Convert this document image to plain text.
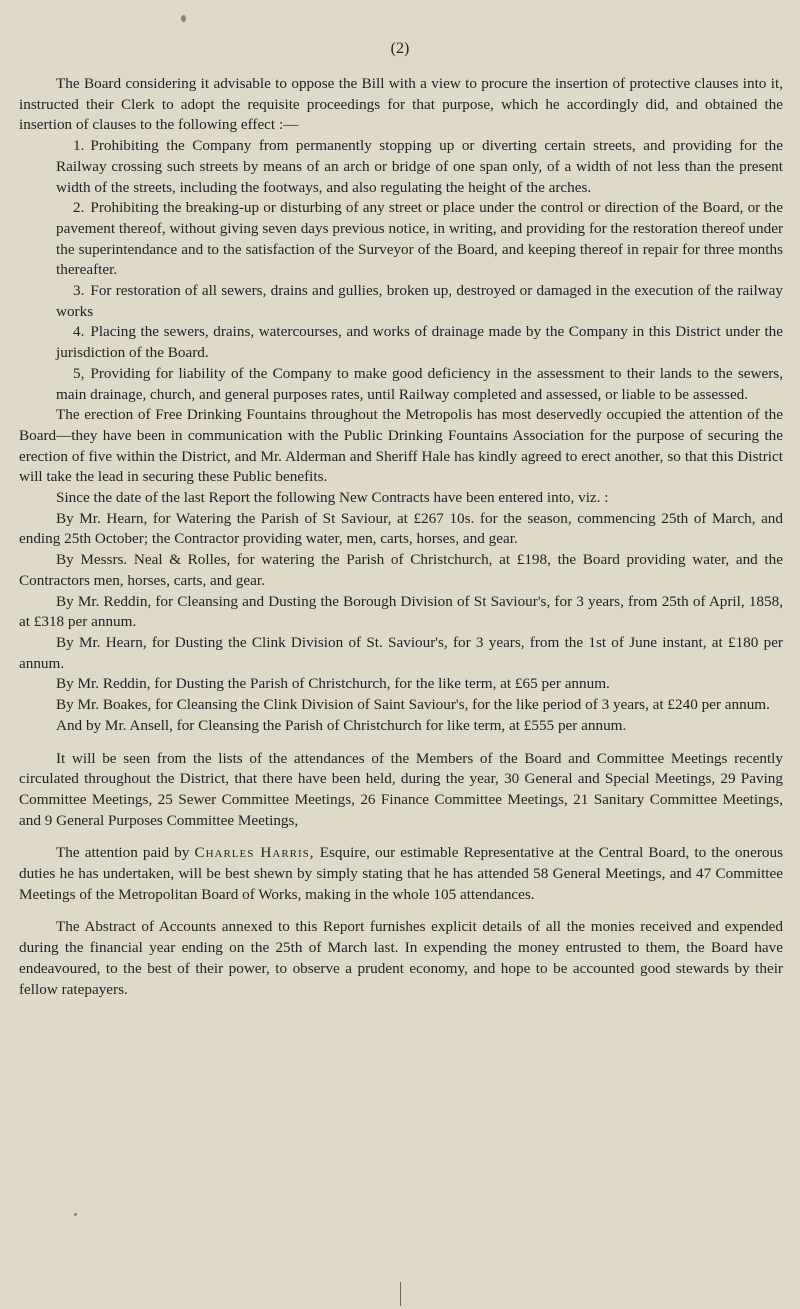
(2)

The Board considering it advisable to oppose the Bill with a view to procure the insertion of protective clauses into it, instructed their Clerk to adopt the requisite proceedings for that purpose, which he accordingly did, and obtained the insertion of clauses to the following effect :—

1. Prohibiting the Company from permanently stopping up or diverting certain streets, and providing for the Railway crossing such streets by means of an arch or bridge of one span only, of a width of not less than the present width of the streets, including the footways, and also regulating the height of the arches.

2. Prohibiting the breaking-up or disturbing of any street or place under the control or direction of the Board, or the pavement thereof, without giving seven days previous notice, in writing, and providing for the restoration thereof under the superintendance and to the satisfaction of the Surveyor of the Board, and keeping thereof in repair for three months thereafter.

3. For restoration of all sewers, drains and gullies, broken up, destroyed or damaged in the execution of the railway works

4. Placing the sewers, drains, watercourses, and works of drainage made by the Company in this District under the jurisdiction of the Board.

5, Providing for liability of the Company to make good deficiency in the assessment to their lands to the sewers, main drainage, church, and general purposes rates, until Railway completed and assessed, or liable to be assessed.

The erection of Free Drinking Fountains throughout the Metropolis has most deservedly occupied the attention of the Board—they have been in communication with the Public Drinking Fountains Association for the purpose of securing the erection of five within the District, and Mr. Alderman and Sheriff Hale has kindly agreed to erect another, so that this District will take the lead in securing these Public benefits.

Since the date of the last Report the following New Contracts have been entered into, viz. :

By Mr. Hearn, for Watering the Parish of St Saviour, at £267 10s. for the season, commencing 25th of March, and ending 25th October; the Contractor providing water, men, carts, horses, and gear.

By Messrs. Neal & Rolles, for watering the Parish of Christchurch, at £198, the Board providing water, and the Contractors men, horses, carts, and gear.

By Mr. Reddin, for Cleansing and Dusting the Borough Division of St Saviour's, for 3 years, from 25th of April, 1858, at £318 per annum.

By Mr. Hearn, for Dusting the Clink Division of St. Saviour's, for 3 years, from the 1st of June instant, at £180 per annum.

By Mr. Reddin, for Dusting the Parish of Christchurch, for the like term, at £65 per annum.

By Mr. Boakes, for Cleansing the Clink Division of Saint Saviour's, for the like period of 3 years, at £240 per annum.

And by Mr. Ansell, for Cleansing the Parish of Christchurch for like term, at £555 per annum.

It will be seen from the lists of the attendances of the Members of the Board and Committee Meetings recently circulated throughout the District, that there have been held, during the year, 30 General and Special Meetings, 29 Paving Committee Meetings, 25 Sewer Committee Meetings, 26 Finance Committee Meetings, 21 Sanitary Committee Meetings, and 9 General Purposes Committee Meetings,

The attention paid by Charles Harris, Esquire, our estimable Representative at the Central Board, to the onerous duties he has undertaken, will be best shewn by simply stating that he has attended 58 General Meetings, and 47 Committee Meetings of the Metropolitan Board of Works, making in the whole 105 attendances.

The Abstract of Accounts annexed to this Report furnishes explicit details of all the monies received and expended during the financial year ending on the 25th of March last. In expending the money entrusted to them, the Board have endeavoured, to the best of their power, to observe a prudent economy, and hope to be accounted good stewards by their fellow ratepayers.
